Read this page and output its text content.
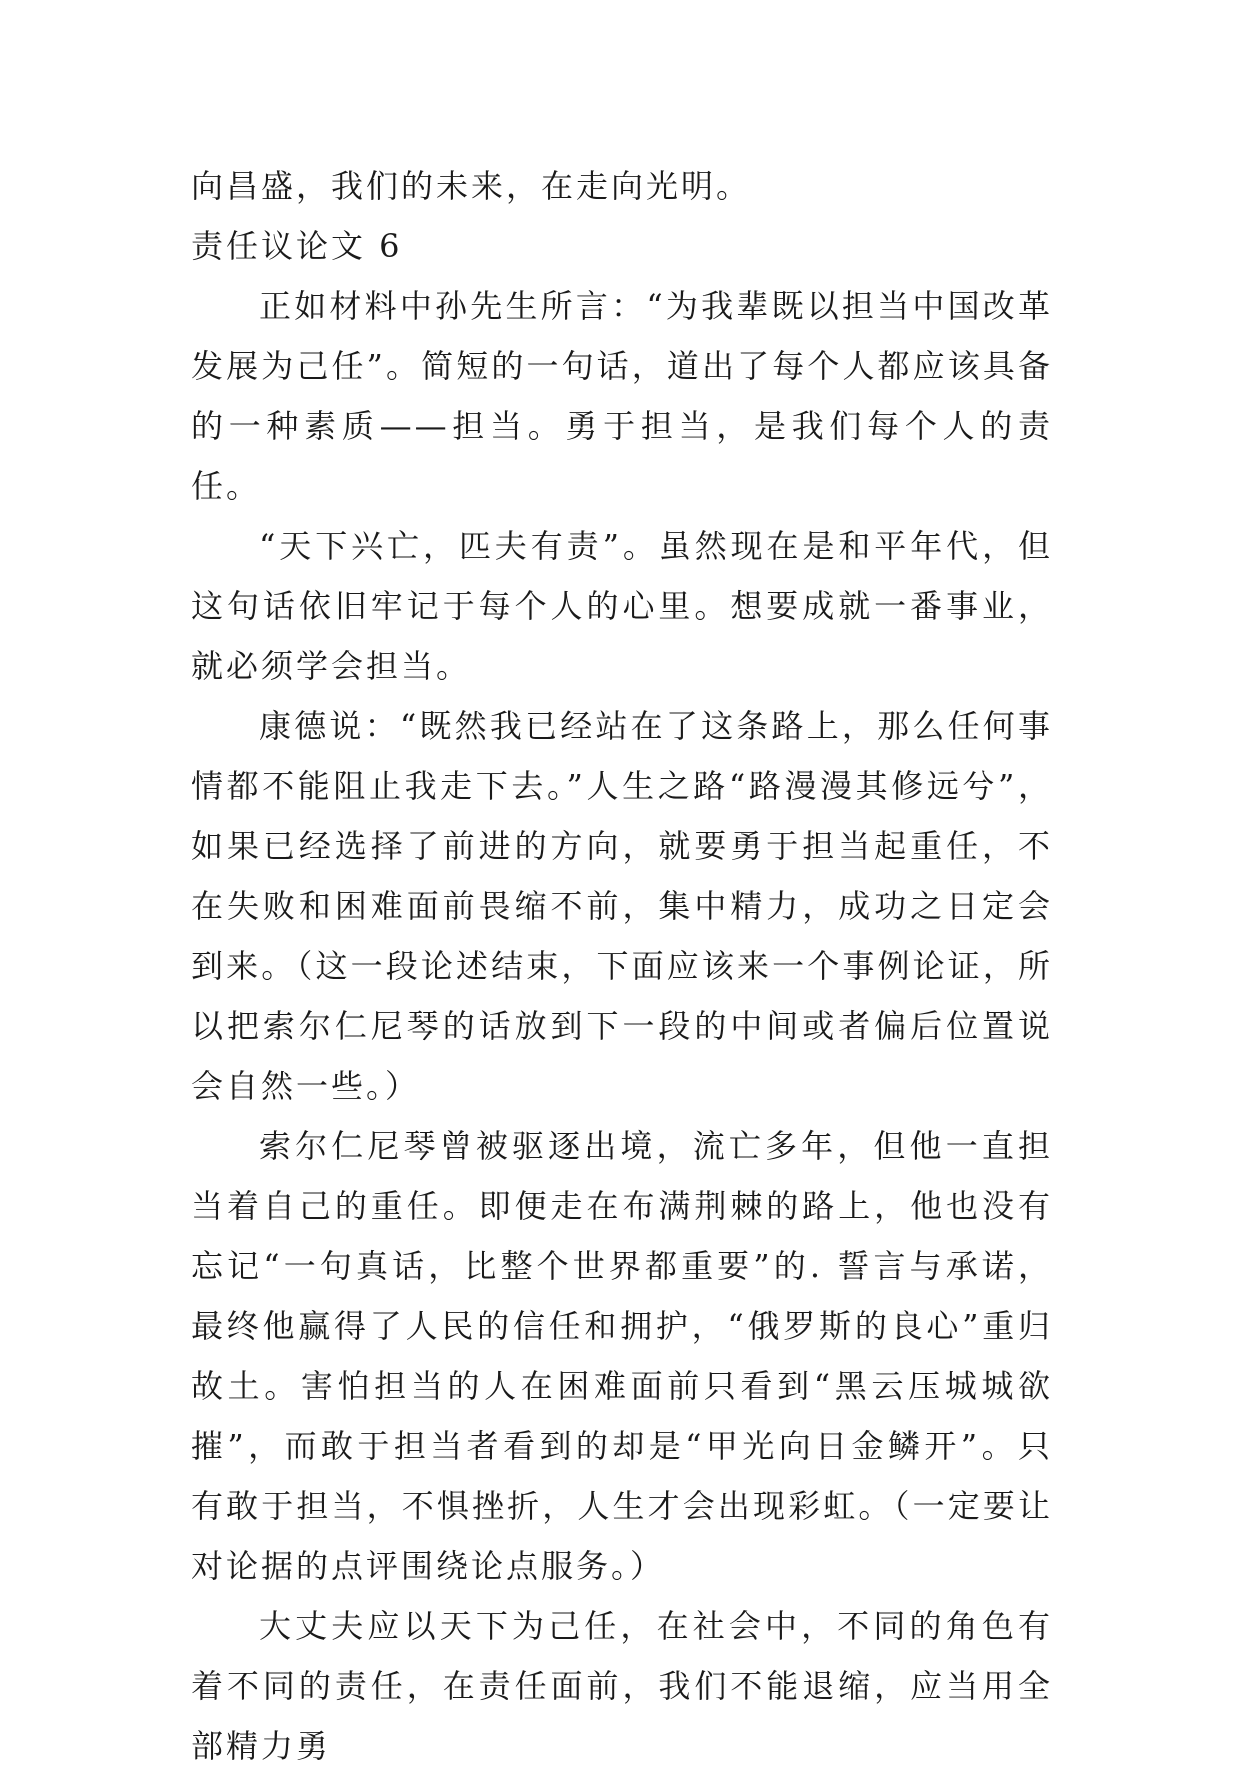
向昌盛，我们的未来，在走向光明。

责任议论文 6

正如材料中孙先生所言：“为我辈既以担当中国改革发展为己任”。简短的一句话，道出了每个人都应该具备的一种素质——担当。勇于担当，是我们每个人的责任。

“天下兴亡，匹夫有责”。虽然现在是和平年代，但这句话依旧牢记于每个人的心里。想要成就一番事业，就必须学会担当。

康德说：“既然我已经站在了这条路上，那么任何事情都不能阻止我走下去。”人生之路“路漫漫其修远兮”，如果已经选择了前进的方向，就要勇于担当起重任，不在失败和困难面前畏缩不前，集中精力，成功之日定会到来。（这一段论述结束，下面应该来一个事例论证，所以把索尔仁尼琴的话放到下一段的中间或者偏后位置说会自然一些。）

索尔仁尼琴曾被驱逐出境，流亡多年，但他一直担当着自己的重任。即便走在布满荆棘的路上，他也没有忘记“一句真话，比整个世界都重要”的. 誓言与承诺，最终他赢得了人民的信任和拥护，“俄罗斯的良心”重归故土。害怕担当的人在困难面前只看到“黑云压城城欲摧”，而敢于担当者看到的却是“甲光向日金鳞开”。只有敢于担当，不惧挫折，人生才会出现彩虹。（一定要让对论据的点评围绕论点服务。）

大丈夫应以天下为己任，在社会中，不同的角色有着不同的责任，在责任面前，我们不能退缩，应当用全部精力勇
